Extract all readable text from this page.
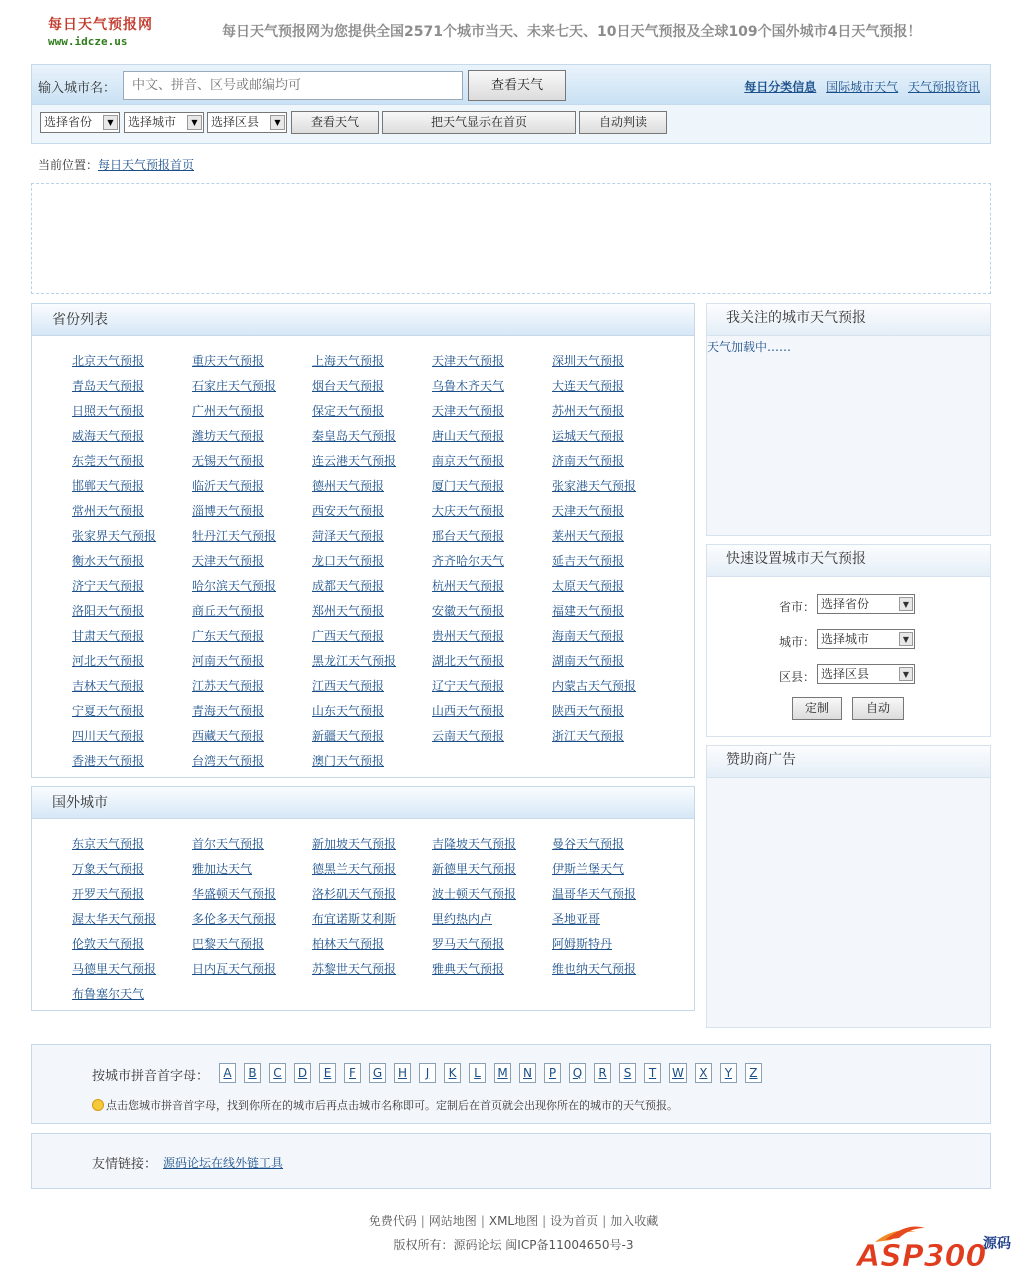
每日天气预报网
www.idcze.us
每日天气预报网为您提供全国2571个城市当天、未来七天、10日天气预报及全球109个国外城市4日天气预报！
输入城市名：
中文、拼音、区号或邮编均可	查看天气	每日分类信息 国际城市天气 天气预报资讯
选择省份	▼	选择城市	▼	选择区县	▼	查看天气	把天气显示在首页	自动判读
当前位置：每日天气预报首页
省份列表
北京天气预报	重庆天气预报	上海天气预报	天津天气预报	深圳天气预报
青岛天气预报	石家庄天气预报	烟台天气预报	乌鲁木齐天气	大连天气预报
日照天气预报	广州天气预报	保定天气预报	天津天气预报	苏州天气预报
威海天气预报	潍坊天气预报	秦皇岛天气预报	唐山天气预报	运城天气预报
东莞天气预报	无锡天气预报	连云港天气预报	南京天气预报	济南天气预报
邯郸天气预报	临沂天气预报	德州天气预报	厦门天气预报	张家港天气预报
常州天气预报	淄博天气预报	西安天气预报	大庆天气预报	天津天气预报
张家界天气预报	牡丹江天气预报	菏泽天气预报	邢台天气预报	莱州天气预报
衡水天气预报	天津天气预报	龙口天气预报	齐齐哈尔天气	延吉天气预报
济宁天气预报	哈尔滨天气预报	成都天气预报	杭州天气预报	太原天气预报
洛阳天气预报	商丘天气预报	郑州天气预报	安徽天气预报	福建天气预报
甘肃天气预报	广东天气预报	广西天气预报	贵州天气预报	海南天气预报
河北天气预报	河南天气预报	黑龙江天气预报	湖北天气预报	湖南天气预报
吉林天气预报	江苏天气预报	江西天气预报	辽宁天气预报	内蒙古天气预报
宁夏天气预报	青海天气预报	山东天气预报	山西天气预报	陕西天气预报
四川天气预报	西藏天气预报	新疆天气预报	云南天气预报	浙江天气预报
香港天气预报	台湾天气预报	澳门天气预报
国外城市
东京天气预报	首尔天气预报	新加坡天气预报	吉隆坡天气预报	曼谷天气预报
万象天气预报	雅加达天气	德黑兰天气预报	新德里天气预报	伊斯兰堡天气
开罗天气预报	华盛顿天气预报	洛杉矶天气预报	波士顿天气预报	温哥华天气预报
渥太华天气预报	多伦多天气预报	布宜诺斯艾利斯	里约热内卢	圣地亚哥
伦敦天气预报	巴黎天气预报	柏林天气预报	罗马天气预报	阿姆斯特丹
马德里天气预报	日内瓦天气预报	苏黎世天气预报	雅典天气预报	维也纳天气预报
布鲁塞尔天气
我关注的城市天气预报
天气加载中……
快速设置城市天气预报
省市： 选择省份	▼
城市： 选择城市	▼
区县： 选择区县	▼
定制	自动
赞助商广告
按城市拼音首字母：	A B C D E F G H J K L M N P Q R S T W X Y Z
点击您城市拼音首字母，找到你所在的城市后再点击城市名称即可。定制后在首页就会出现你所在的城市的天气预报。
友情链接： 源码论坛在线外链工具
免费代码 | 网站地图 | XML地图 | 设为首页 | 加入收藏
版权所有：源码论坛 闽ICP备11004650号-3	ASP300
源码
